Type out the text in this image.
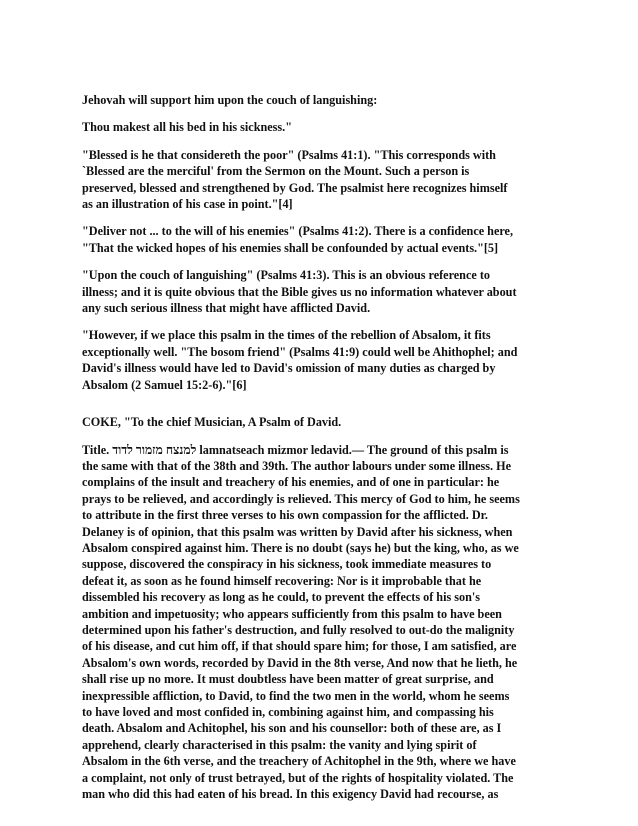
Jehovah will support him upon the couch of languishing:

Thou makest all his bed in his sickness."

"Blessed is he that considereth the poor" (Psalms 41:1). "This corresponds with
`Blessed are the merciful' from the Sermon on the Mount. Such a person is
preserved, blessed and strengthened by God. The psalmist here recognizes himself
as an illustration of his case in point."[4]

"Deliver not ... to the will of his enemies" (Psalms 41:2). There is a confidence here,
"That the wicked hopes of his enemies shall be confounded by actual events."[5]

"Upon the couch of languishing" (Psalms 41:3). This is an obvious reference to
illness; and it is quite obvious that the Bible gives us no information whatever about
any such serious illness that might have afflicted David.

"However, if we place this psalm in the times of the rebellion of Absalom, it fits
exceptionally well. "The bosom friend" (Psalms 41:9) could well be Ahithophel; and
David's illness would have led to David's omission of many duties as charged by
Absalom (2 Samuel 15:2-6)."[6]

COKE, "To the chief Musician, A Psalm of David.

Title. למנצח מזמור לדוד lamnatseach mizmor ledavid.— The ground of this psalm is
the same with that of the 38th and 39th. The author labours under some illness. He
complains of the insult and treachery of his enemies, and of one in particular: he
prays to be relieved, and accordingly is relieved. This mercy of God to him, he seems
to attribute in the first three verses to his own compassion for the afflicted. Dr.
Delaney is of opinion, that this psalm was written by David after his sickness, when
Absalom conspired against him. There is no doubt (says he) but the king, who, as we
suppose, discovered the conspiracy in his sickness, took immediate measures to
defeat it, as soon as he found himself recovering: Nor is it improbable that he
dissembled his recovery as long as he could, to prevent the effects of his son's
ambition and impetuosity; who appears sufficiently from this psalm to have been
determined upon his father's destruction, and fully resolved to out-do the malignity
of his disease, and cut him off, if that should spare him; for those, I am satisfied, are
Absalom's own words, recorded by David in the 8th verse, And now that he lieth, he
shall rise up no more. It must doubtless have been matter of great surprise, and
inexpressible affliction, to David, to find the two men in the world, whom he seems
to have loved and most confided in, combining against him, and compassing his
death. Absalom and Achitophel, his son and his counsellor: both of these are, as I
apprehend, clearly characterised in this psalm: the vanity and lying spirit of
Absalom in the 6th verse, and the treachery of Achitophel in the 9th, where we have
a complaint, not only of trust betrayed, but of the rights of hospitality violated. The
man who did this had eaten of his bread. In this exigency David had recourse, as
